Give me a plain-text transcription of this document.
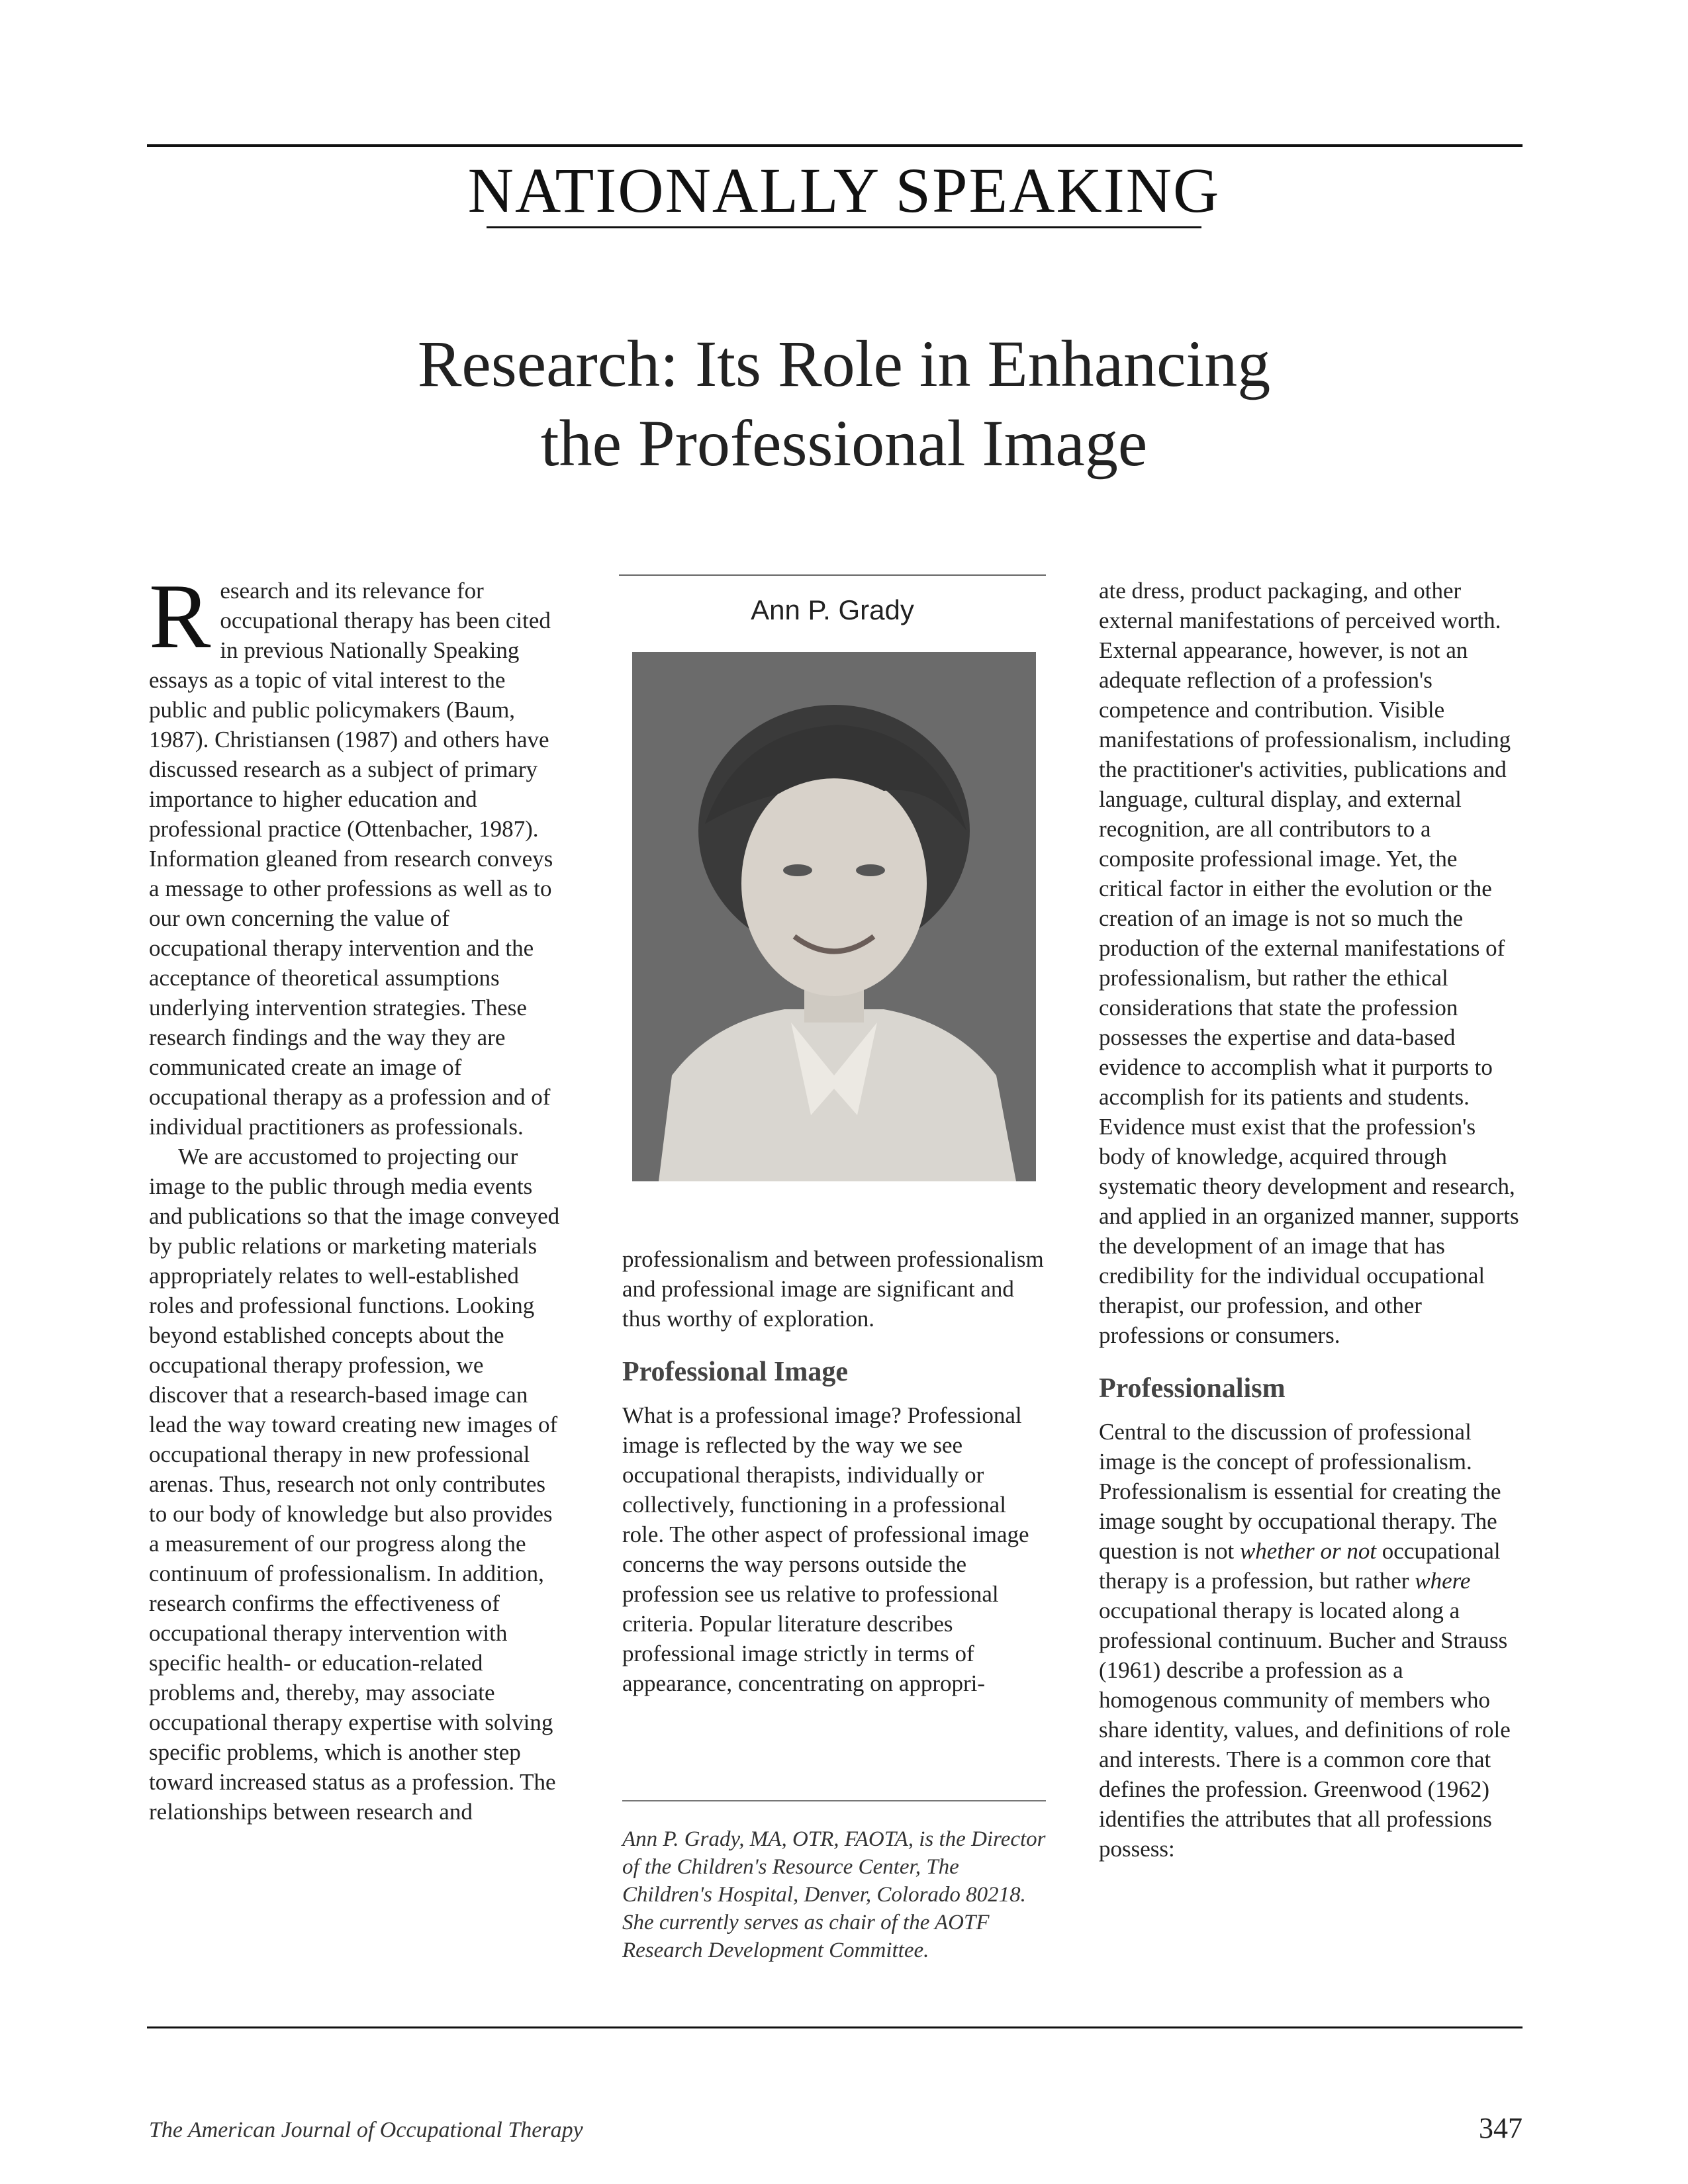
NATIONALLY SPEAKING
Research: Its Role in Enhancing
the Professional Image

Research and its relevance for occupational therapy has been cited in previous Nationally Speaking essays as a topic of vital interest to the public and public policymakers (Baum, 1987). Christiansen (1987) and others have discussed research as a subject of primary importance to higher education and professional practice (Ottenbacher, 1987). Information gleaned from research conveys a message to other professions as well as to our own concerning the value of occupational therapy intervention and the acceptance of theoretical assumptions underlying intervention strategies. These research findings and the way they are communicated create an image of occupational therapy as a profession and of individual practitioners as professionals.

We are accustomed to projecting our image to the public through media events and publications so that the image conveyed by public relations or marketing materials appropriately relates to well-established roles and professional functions. Looking beyond established concepts about the occupational therapy profession, we discover that a research-based image can lead the way toward creating new images of occupational therapy in new professional arenas. Thus, research not only contributes to our body of knowledge but also provides a measurement of our progress along the continuum of professionalism. In addition, research confirms the effectiveness of occupational therapy intervention with specific health- or education-related problems and, thereby, may associate occupational therapy expertise with solving specific problems, which is another step toward increased status as a profession. The relationships between research and

Ann P. Grady

professionalism and between professionalism and professional image are significant and thus worthy of exploration.

Professional Image

What is a professional image? Professional image is reflected by the way we see occupational therapists, individually or collectively, functioning in a professional role. The other aspect of professional image concerns the way persons outside the profession see us relative to professional criteria. Popular literature describes professional image strictly in terms of appearance, concentrating on appropri-

Ann P. Grady, MA, OTR, FAOTA, is the Director of the Children's Resource Center, The Children's Hospital, Denver, Colorado 80218. She currently serves as chair of the AOTF Research Development Committee.

ate dress, product packaging, and other external manifestations of perceived worth. External appearance, however, is not an adequate reflection of a profession's competence and contribution. Visible manifestations of professionalism, including the practitioner's activities, publications and language, cultural display, and external recognition, are all contributors to a composite professional image. Yet, the critical factor in either the evolution or the creation of an image is not so much the production of the external manifestations of professionalism, but rather the ethical considerations that state the profession possesses the expertise and data-based evidence to accomplish what it purports to accomplish for its patients and students. Evidence must exist that the profession's body of knowledge, acquired through systematic theory development and research, and applied in an organized manner, supports the development of an image that has credibility for the individual occupational therapist, our profession, and other professions or consumers.

Professionalism

Central to the discussion of professional image is the concept of professionalism. Professionalism is essential for creating the image sought by occupational therapy. The question is not whether or not occupational therapy is a profession, but rather where occupational therapy is located along a professional continuum. Bucher and Strauss (1961) describe a profession as a homogenous community of members who share identity, values, and definitions of role and interests. There is a common core that defines the profession. Greenwood (1962) identifies the attributes that all professions possess:

The American Journal of Occupational Therapy	347
